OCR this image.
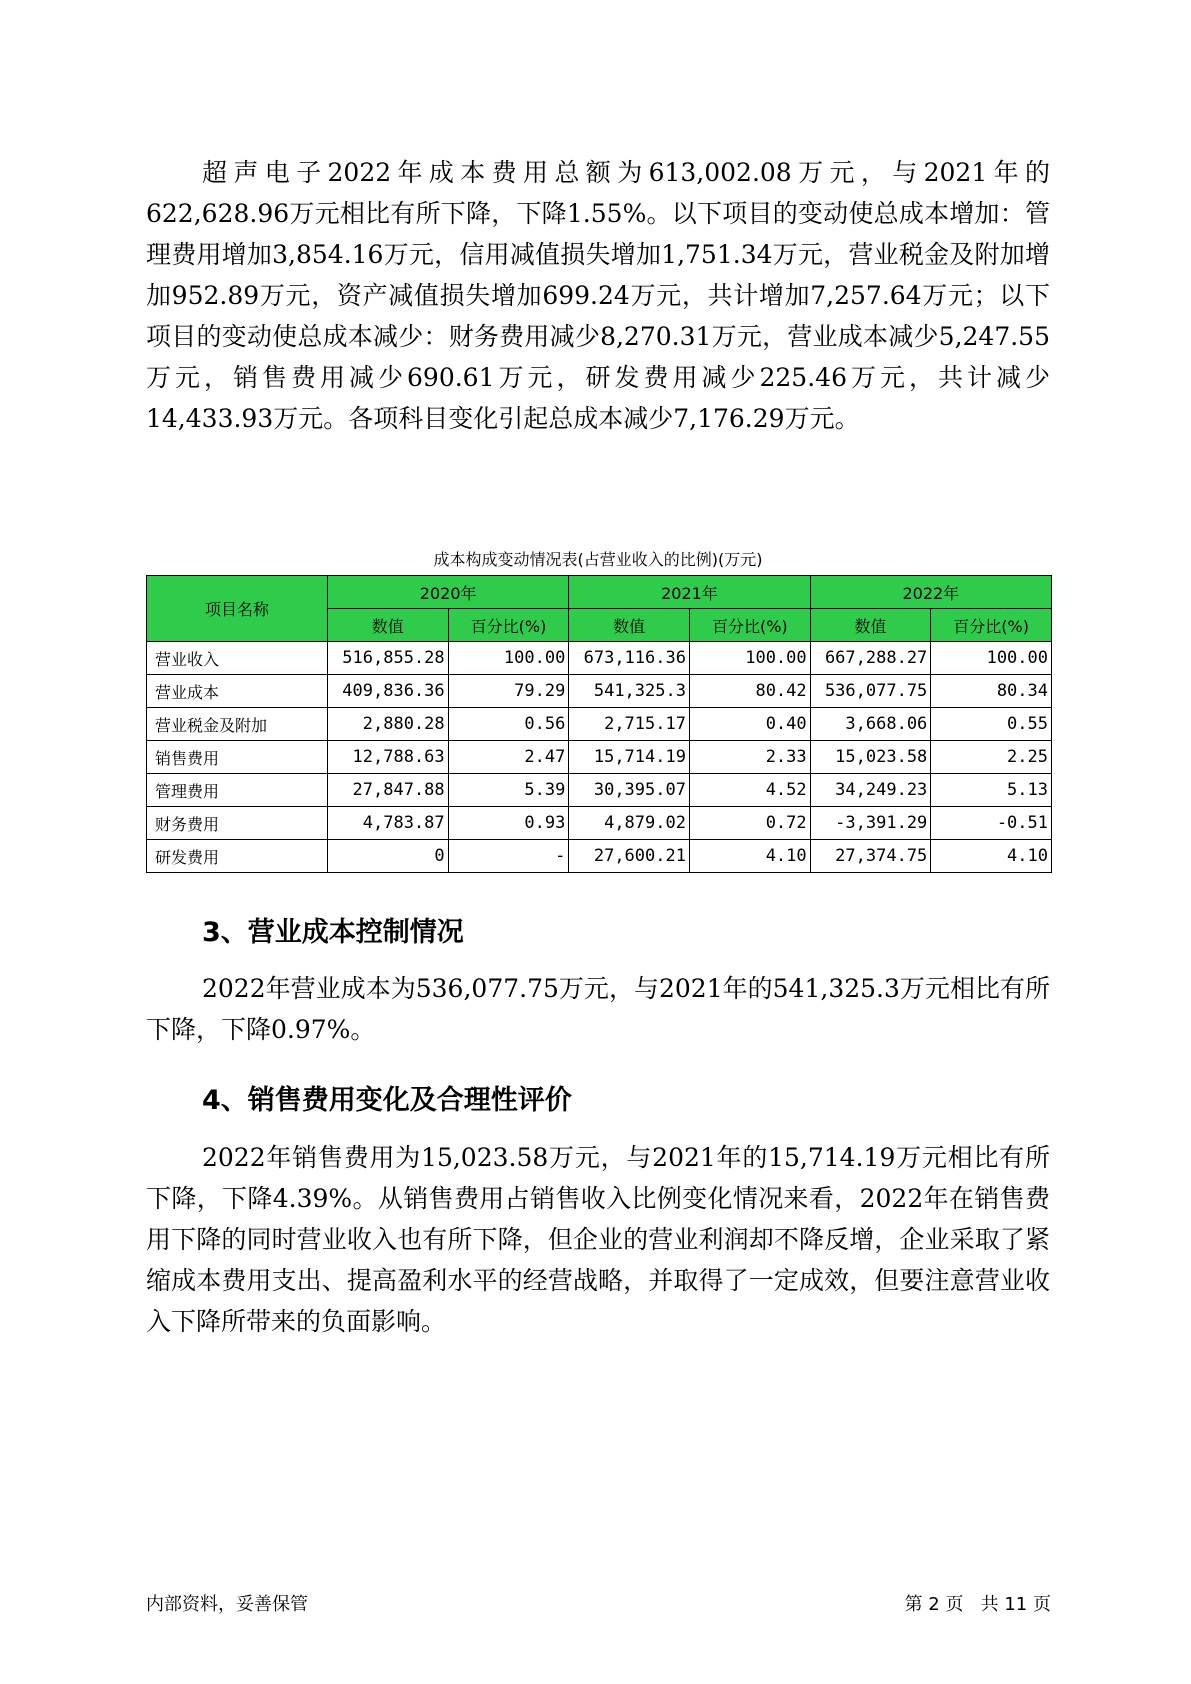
超声电子2022年成本费用总额为613,002.08万元，与2021年的622,628.96万元相比有所下降，下降1.55%。以下项目的变动使总成本增加：管理费用增加3,854.16万元，信用减值损失增加1,751.34万元，营业税金及附加增加952.89万元，资产减值损失增加699.24万元，共计增加7,257.64万元；以下项目的变动使总成本减少：财务费用减少8,270.31万元，营业成本减少5,247.55万元，销售费用减少690.61万元，研发费用减少225.46万元，共计减少14,433.93万元。各项科目变化引起总成本减少7,176.29万元。

成本构成变动情况表(占营业收入的比例)(万元)
项目名称	2020年		2021年		2022年	
	数值	百分比(%)	数值	百分比(%)	数值	百分比(%)
营业收入	516,855.28	100.00	673,116.36	100.00	667,288.27	100.00
营业成本	409,836.36	79.29	541,325.3	80.42	536,077.75	80.34
营业税金及附加	2,880.28	0.56	2,715.17	0.40	3,668.06	0.55
销售费用	12,788.63	2.47	15,714.19	2.33	15,023.58	2.25
管理费用	27,847.88	5.39	30,395.07	4.52	34,249.23	5.13
财务费用	4,783.87	0.93	4,879.02	0.72	-3,391.29	-0.51
研发费用	0	-	27,600.21	4.10	27,374.75	4.10
3、营业成本控制情况

2022年营业成本为536,077.75万元，与2021年的541,325.3万元相比有所下降，下降0.97%。

4、销售费用变化及合理性评价

2022年销售费用为15,023.58万元，与2021年的15,714.19万元相比有所下降，下降4.39%。从销售费用占销售收入比例变化情况来看，2022年在销售费用下降的同时营业收入也有所下降，但企业的营业利润却不降反增，企业采取了紧缩成本费用支出、提高盈利水平的经营战略，并取得了一定成效，但要注意营业收入下降所带来的负面影响。

内部资料，妥善保管	第 2 页   共 11 页
